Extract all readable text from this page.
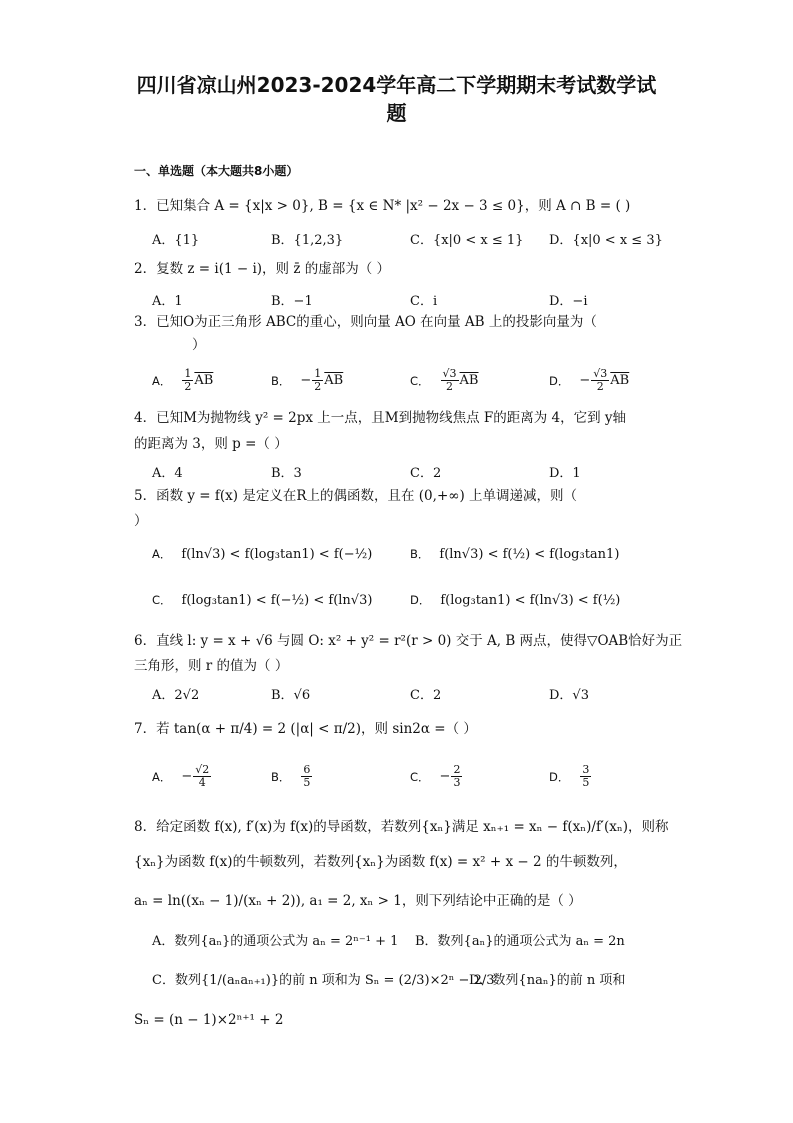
四川省凉山州2023-2024学年高二下学期期末考试数学试
题
一、单选题（本大题共8小题）
1．已知集合 A = {x|x > 0}, B = {x ∈ N* |x² − 2x − 3 ≤ 0}，则 A ∩ B = ( )
A．{1}	B．{1,2,3}	C．{x|0 < x ≤ 1} D．{x|0 < x ≤ 3}
2．复数 z = i(1 − i)，则 z̄ 的虚部为（ ）
A．1	B．−1	C．i	D．−i
3．已知O为正三角形 ABC的重心，则向量 AO 在向量 AB 上的投影向量为（
）
A． $\frac{1}{2} \overline{AB}$	B． − $\frac{1}{2} \overline{AB}$	C． $\frac{√3}{2} \overline{AB}$	D． − $\frac{√3}{2} \overline{AB}$
4．已知M为抛物线 y² = 2px 上一点，且M到抛物线焦点 F的距离为 4，它到 y轴
的距离为 3，则 p =（ ）
A．4	B．3	C．2	D．1
5．函数 y = f(x) 是定义在R上的偶函数，且在 (0,+∞) 上单调递减，则（
）
A． f(ln√3) < f(log₃tan1) < f(−½)	B． f(ln√3) < f(½) < f(log₃tan1)
C． f(log₃tan1) < f(−½) < f(ln√3)	D． f(log₃tan1) < f(ln√3) < f(½)
6．直线 l: y = x + √6 与圆 O: x² + y² = r²(r > 0) 交于 A, B 两点，使得▽OAB恰好为正
三角形，则 r 的值为（ ）
A．2√2	B．√6	C．2	D．√3
7．若 tan(α + π/4) = 2 (|α| < π/2)，则 sin2α =（ ）
A． − $\frac{√2}{4}$	B． $\frac{6}{5}$	C． − $\frac{2}{3}$	D． $\frac{3}{5}$
8．给定函数 f(x), f′(x)为 f(x)的导函数，若数列{xₙ}满足 xₙ₊₁ = xₙ − f(xₙ)/f′(xₙ)，则称
{xₙ}为函数 f(x)的牛顿数列，若数列{xₙ}为函数 f(x) = x² + x − 2 的牛顿数列，
aₙ = ln((xₙ − 1)/(xₙ + 2)), a₁ = 2, xₙ > 1，则下列结论中正确的是（ ）
A．数列{aₙ}的通项公式为 aₙ = 2ⁿ⁻¹ + 1 B．数列{aₙ}的通项公式为 aₙ = 2n
C．数列{1/(aₙaₙ₊₁)}的前 n 项和为 Sₙ = (2/3)×2ⁿ − 2/3
D．数列{naₙ}的前 n 项和
Sₙ = (n − 1)×2ⁿ⁺¹ + 2
